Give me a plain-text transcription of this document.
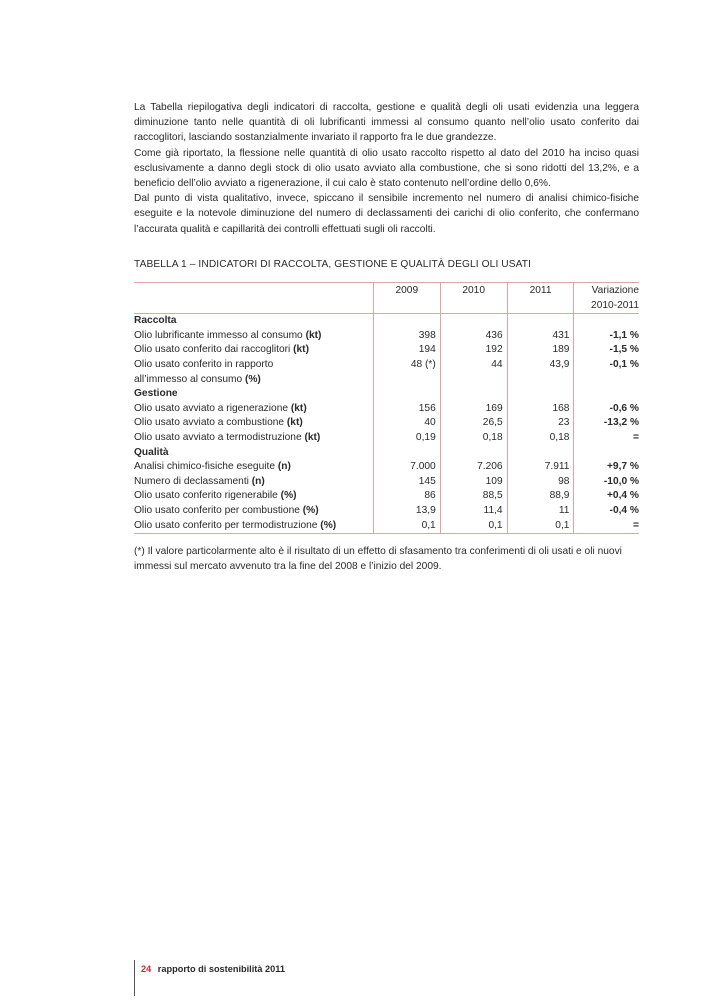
La Tabella riepilogativa degli indicatori di raccolta, gestione e qualità degli oli usati evidenzia una leggera diminuzione tanto nelle quantità di oli lubrificanti immessi al consumo quanto nell’olio usato conferito dai raccoglitori, lasciando sostanzialmente invariato il rapporto fra le due grandezze.

Come già riportato, la flessione nelle quantità di olio usato raccolto rispetto al dato del 2010 ha inciso quasi esclusivamente a danno degli stock di olio usato avviato alla combustione, che si sono ridotti del 13,2%, e a beneficio dell’olio avviato a rigenerazione, il cui calo è stato contenuto nell’ordine dello 0,6%.

Dal punto di vista qualitativo, invece, spiccano il sensibile incremento nel numero di analisi chimico-fisiche eseguite e la notevole diminuzione del numero di declassamenti dei carichi di olio conferito, che confermano l’accurata qualità e capillarità dei controlli effettuati sugli oli raccolti.

TABELLA 1 – INDICATORI DI RACCOLTA, GESTIONE E QUALITÀ DEGLI OLI USATI
	2009	2010	2011	Variazione
2010-2011
Raccolta				
Olio lubrificante immesso al consumo (kt)	398	436	431	-1,1 %
Olio usato conferito dai raccoglitori (kt)	194	192	189	-1,5 %
Olio usato conferito in rapporto	48 (*)	44	43,9	-0,1 %
all’immesso al consumo (%)				
Gestione				
Olio usato avviato a rigenerazione (kt)	156	169	168	-0,6 %
Olio usato avviato a combustione (kt)	40	26,5	23	-13,2 %
Olio usato avviato a termodistruzione (kt)	0,19	0,18	0,18	=
Qualità				
Analisi chimico-fisiche eseguite (n)	7.000	7.206	7.911	+9,7 %
Numero di declassamenti (n)	145	109	98	-10,0 %
Olio usato conferito rigenerabile (%)	86	88,5	88,9	+0,4 %
Olio usato conferito per combustione (%)	13,9	11,4	11	-0,4 %
Olio usato conferito per termodistruzione (%)	0,1	0,1	0,1	=

(*) Il valore particolarmente alto è il risultato di un effetto di sfasamento tra conferimenti di oli usati e oli nuovi immessi sul mercato avvenuto tra la fine del 2008 e l’inizio del 2009.

24 rapporto di sostenibilità 2011
